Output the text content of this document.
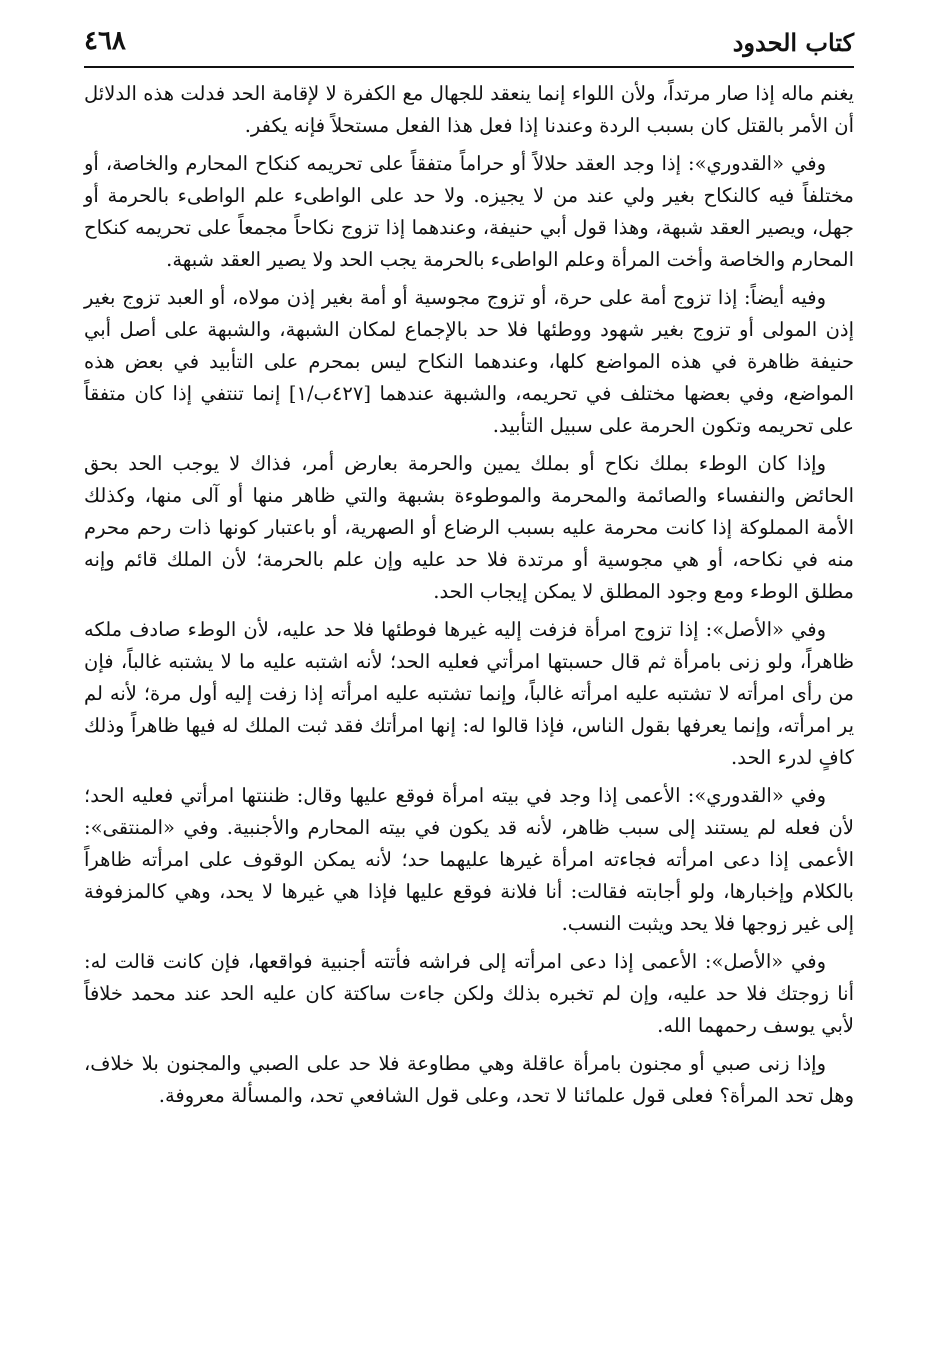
كتاب الحدود
٤٦٨

يغنم ماله إذا صار مرتداً، ولأن اللواء إنما ينعقد للجهال مع الكفرة لا لإقامة الحد فدلت هذه الدلائل أن الأمر بالقتل كان بسبب الردة وعندنا إذا فعل هذا الفعل مستحلاً فإنه يكفر.

وفي «القدوري»: إذا وجد العقد حلالاً أو حراماً متفقاً على تحريمه كنكاح المحارم والخاصة، أو مختلفاً فيه كالنكاح بغير ولي عند من لا يجيزه. ولا حد على الواطىء علم الواطىء بالحرمة أو جهل، ويصير العقد شبهة، وهذا قول أبي حنيفة، وعندهما إذا تزوج نكاحاً مجمعاً على تحريمه كنكاح المحارم والخاصة وأخت المرأة وعلم الواطىء بالحرمة يجب الحد ولا يصير العقد شبهة.

وفيه أيضاً: إذا تزوج أمة على حرة، أو تزوج مجوسية أو أمة بغير إذن مولاه، أو العبد تزوج بغير إذن المولى أو تزوج بغير شهود ووطئها فلا حد بالإجماع لمكان الشبهة، والشبهة على أصل أبي حنيفة ظاهرة في هذه المواضع كلها، وعندهما النكاح ليس بمحرم على التأبيد في بعض هذه المواضع، وفي بعضها مختلف في تحريمه، والشبهة عندهما [٤٢٧ب/١] إنما تنتفي إذا كان متفقاً على تحريمه وتكون الحرمة على سبيل التأبيد.

وإذا كان الوطء بملك نكاح أو بملك يمين والحرمة بعارض أمر، فذاك لا يوجب الحد بحق الحائض والنفساء والصائمة والمحرمة والموطوءة بشبهة والتي ظاهر منها أو آلى منها، وكذلك الأمة المملوكة إذا كانت محرمة عليه بسبب الرضاع أو الصهرية، أو باعتبار كونها ذات رحم محرم منه في نكاحه، أو هي مجوسية أو مرتدة فلا حد عليه وإن علم بالحرمة؛ لأن الملك قائم وإنه مطلق الوطء ومع وجود المطلق لا يمكن إيجاب الحد.

وفي «الأصل»: إذا تزوج امرأة فزفت إليه غيرها فوطئها فلا حد عليه، لأن الوطء صادف ملكه ظاهراً، ولو زنى بامرأة ثم قال حسبتها امرأتي فعليه الحد؛ لأنه اشتبه عليه ما لا يشتبه غالباً، فإن من رأى امرأته لا تشتبه عليه امرأته غالباً، وإنما تشتبه عليه امرأته إذا زفت إليه أول مرة؛ لأنه لم ير امرأته، وإنما يعرفها بقول الناس، فإذا قالوا له: إنها امرأتك فقد ثبت الملك له فيها ظاهراً وذلك كافٍ لدرء الحد.

وفي «القدوري»: الأعمى إذا وجد في بيته امرأة فوقع عليها وقال: ظننتها امرأتي فعليه الحد؛ لأن فعله لم يستند إلى سبب ظاهر، لأنه قد يكون في بيته المحارم والأجنبية. وفي «المنتقى»: الأعمى إذا دعى امرأته فجاءته امرأة غيرها عليهما حد؛ لأنه يمكن الوقوف على امرأته ظاهراً بالكلام وإخبارها، ولو أجابته فقالت: أنا فلانة فوقع عليها فإذا هي غيرها لا يحد، وهي كالمزفوفة إلى غير زوجها فلا يحد ويثبت النسب.

وفي «الأصل»: الأعمى إذا دعى امرأته إلى فراشه فأتته أجنبية فواقعها، فإن كانت قالت له: أنا زوجتك فلا حد عليه، وإن لم تخبره بذلك ولكن جاءت ساكتة كان عليه الحد عند محمد خلافاً لأبي يوسف رحمهما الله.

وإذا زنى صبي أو مجنون بامرأة عاقلة وهي مطاوعة فلا حد على الصبي والمجنون بلا خلاف، وهل تحد المرأة؟ فعلى قول علمائنا لا تحد، وعلى قول الشافعي تحد، والمسألة معروفة.
